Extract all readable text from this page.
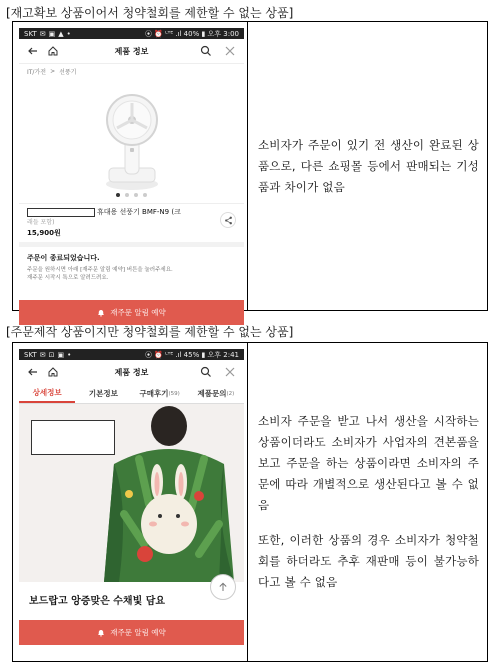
[재고확보 상품이어서 청약철회를 제한할 수 없는 상품]
SKT ✉ ▣ ▲ •	⦿ ⏰ ᴸᵀᴱ .ıl 40% ▮ 오후 3:00
제품 정보
IT/가전 > 선풍기
휴대용 선풍기 BMF-N9 (크
래들 포함)
15,900원
주문이 종료되었습니다.
주문을 원하시면 아래 [재주문 알림 예약] 버튼을 눌러주세요.
재주문 시작시 톡으로 알려드려요.
재주문 알림 예약

소비자가 주문이 있기 전 생산이 완료된 상품으로, 다른 쇼핑몰 등에서 판매되는 기성품과 차이가 없음

[주문제작 상품이지만 청약철회를 제한할 수 없는 상품]
SKT ✉ ⊡ ▣ •	⦿ ⏰ ᴸᵀᴱ .ıl 45% ▮ 오후 2:41
제품 정보
상세정보	기본정보	구매후기 (59) 제품문의 (2)
보드랍고 앙증맞은 수채빛 담요
재주문 알림 예약

소비자 주문을 받고 나서 생산을 시작하는 상품이더라도 소비자가 사업자의 견본품을 보고 주문을 하는 상품이라면 소비자의 주문에 따라 개별적으로 생산된다고 볼 수 없음

또한, 이러한 상품의 경우 소비자가 청약철회를 하더라도 추후 재판매 등이 불가능하다고 볼 수 없음
